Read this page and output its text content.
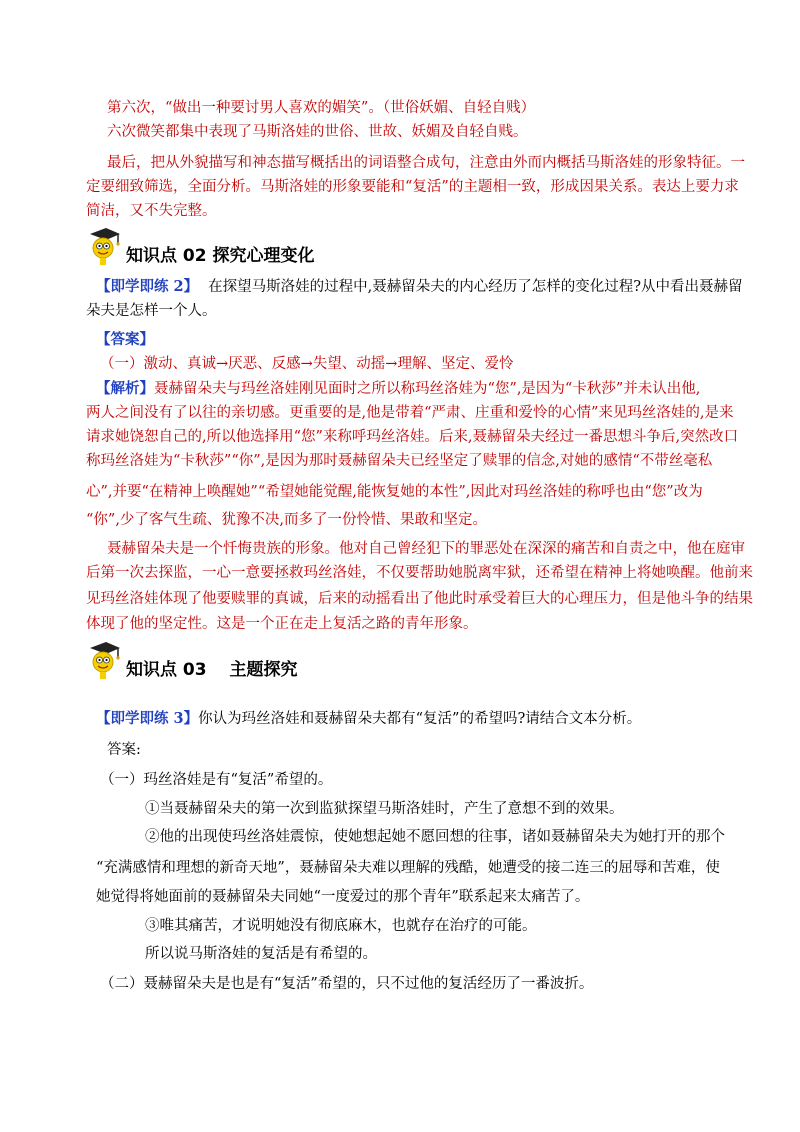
第六次，“做出一种要讨男人喜欢的媚笑”。（世俗妖媚、自轻自贱）
六次微笑都集中表现了马斯洛娃的世俗、世故、妖媚及自轻自贱。
最后，把从外貌描写和神态描写概括出的词语整合成句，注意由外而内概括马斯洛娃的形象特征。一
定要细致筛选，全面分析。马斯洛娃的形象要能和“复活”的主题相一致，形成因果关系。表达上要力求
简洁，又不失完整。
知识点 02 探究心理变化
【即学即练 2】 在探望马斯洛娃的过程中,聂赫留朵夫的内心经历了怎样的变化过程?从中看出聂赫留
朵夫是怎样一个人。
【答案】
（一）激动、真诚→厌恶、反感→失望、动摇→理解、坚定、爱怜
【解析】聂赫留朵夫与玛丝洛娃刚见面时之所以称玛丝洛娃为“您”,是因为“卡秋莎”并未认出他,
两人之间没有了以往的亲切感。更重要的是,他是带着“严肃、庄重和爱怜的心情”来见玛丝洛娃的,是来
请求她饶恕自己的,所以他选择用“您”来称呼玛丝洛娃。后来,聂赫留朵夫经过一番思想斗争后,突然改口
称玛丝洛娃为“卡秋莎”“你”,是因为那时聂赫留朵夫已经坚定了赎罪的信念,对她的感情“不带丝毫私
心”,并要“在精神上唤醒她”“希望她能觉醒,能恢复她的本性”,因此对玛丝洛娃的称呼也由“您”改为
“你”,少了客气生疏、犹豫不决,而多了一份怜惜、果敢和坚定。
聂赫留朵夫是一个忏悔贵族的形象。他对自己曾经犯下的罪恶处在深深的痛苦和自责之中，他在庭审
后第一次去探监，一心一意要拯救玛丝洛娃，不仅要帮助她脱离牢狱，还希望在精神上将她唤醒。他前来
见玛丝洛娃体现了他要赎罪的真诚，后来的动摇看出了他此时承受着巨大的心理压力，但是他斗争的结果
体现了他的坚定性。这是一个正在走上复活之路的青年形象。
知识点 03　 主题探究
【即学即练 3】你认为玛丝洛娃和聂赫留朵夫都有“复活”的希望吗?请结合文本分析。
答案:
（一）玛丝洛娃是有“复活”希望的。
①当聂赫留朵夫的第一次到监狱探望马斯洛娃时，产生了意想不到的效果。
②他的出现使玛丝洛娃震惊，使她想起她不愿回想的往事，诸如聂赫留朵夫为她打开的那个
“充满感情和理想的新奇天地”，聂赫留朵夫难以理解的残酷，她遭受的接二连三的屈辱和苦难，使
她觉得将她面前的聂赫留朵夫同她“一度爱过的那个青年”联系起来太痛苦了。
③唯其痛苦，才说明她没有彻底麻木，也就存在治疗的可能。
所以说马斯洛娃的复活是有希望的。
（二）聂赫留朵夫是也是有“复活”希望的，只不过他的复活经历了一番波折。
